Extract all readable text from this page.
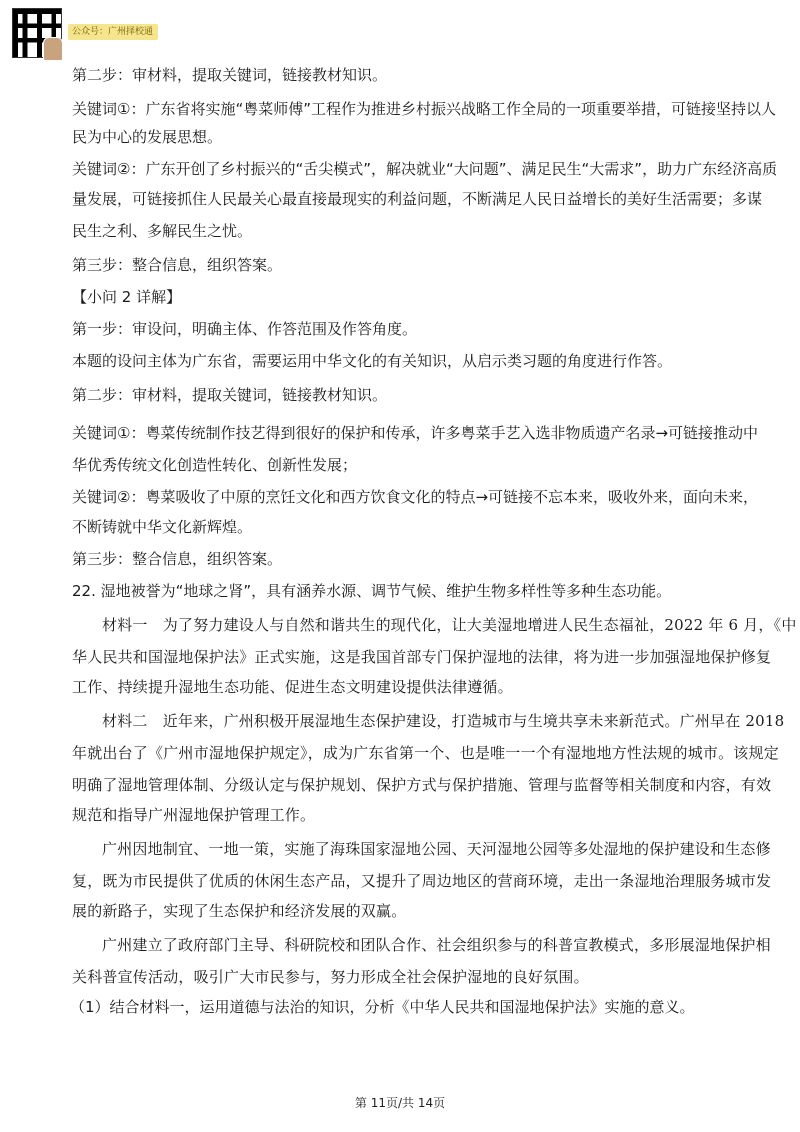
公众号：广州择校通
第二步：审材料，提取关键词，链接教材知识。
关键词①：广东省将实施“粤菜师傅”工程作为推进乡村振兴战略工作全局的一项重要举措，可链接坚持以人
民为中心的发展思想。
关键词②：广东开创了乡村振兴的“舌尖模式”，解决就业“大问题”、满足民生“大需求”，助力广东经济高质
量发展，可链接抓住人民最关心最直接最现实的利益问题，不断满足人民日益增长的美好生活需要；多谋
民生之利、多解民生之忧。
第三步：整合信息，组织答案。
【小问 2 详解】
第一步：审设问，明确主体、作答范围及作答角度。
本题的设问主体为广东省，需要运用中华文化的有关知识，从启示类习题的角度进行作答。
第二步：审材料，提取关键词，链接教材知识。
关键词①：粤菜传统制作技艺得到很好的保护和传承，许多粤菜手艺入选非物质遗产名录→可链接推动中
华优秀传统文化创造性转化、创新性发展；
关键词②：粤菜吸收了中原的烹饪文化和西方饮食文化的特点→可链接不忘本来，吸收外来，面向未来，
不断铸就中华文化新辉煌。
第三步：整合信息，组织答案。
22. 湿地被誉为“地球之肾”，具有涵养水源、调节气候、维护生物多样性等多种生态功能。
材料一　为了努力建设人与自然和谐共生的现代化，让大美湿地增进人民生态福祉，2022 年 6 月，《中
华人民共和国湿地保护法》正式实施，这是我国首部专门保护湿地的法律，将为进一步加强湿地保护修复
工作、持续提升湿地生态功能、促进生态文明建设提供法律遵循。
材料二　近年来，广州积极开展湿地生态保护建设，打造城市与生境共享未来新范式。广州早在 2018
年就出台了《广州市湿地保护规定》，成为广东省第一个、也是唯一一个有湿地地方性法规的城市。该规定
明确了湿地管理体制、分级认定与保护规划、保护方式与保护措施、管理与监督等相关制度和内容，有效
规范和指导广州湿地保护管理工作。
广州因地制宜、一地一策，实施了海珠国家湿地公园、天河湿地公园等多处湿地的保护建设和生态修
复，既为市民提供了优质的休闲生态产品，又提升了周边地区的营商环境，走出一条湿地治理服务城市发
展的新路子，实现了生态保护和经济发展的双赢。
广州建立了政府部门主导、科研院校和团队合作、社会组织参与的科普宣教模式，多形展湿地保护相
关科普宣传活动，吸引广大市民参与，努力形成全社会保护湿地的良好氛围。
（1）结合材料一，运用道德与法治的知识，分析《中华人民共和国湿地保护法》实施的意义。
第 11页/共 14页
